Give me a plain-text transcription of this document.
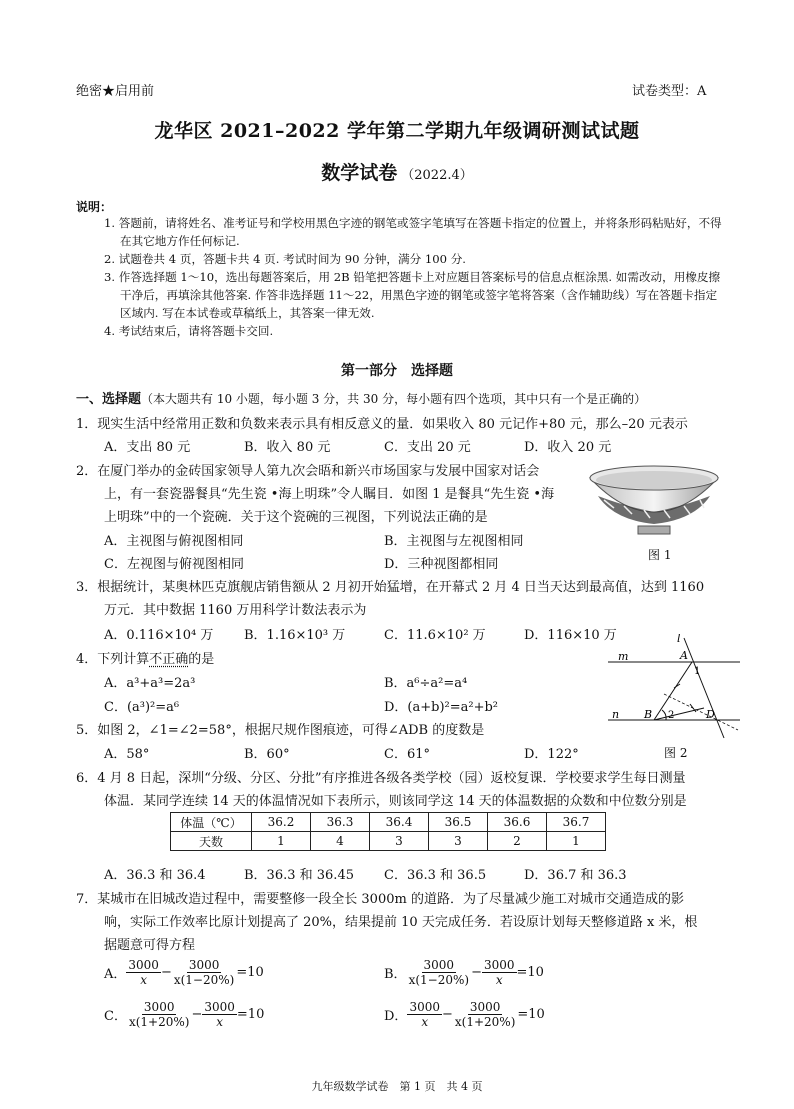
绝密★启用前	试卷类型：A
龙华区 2021–2022 学年第二学期九年级调研测试试题
数学试卷 （2022.4）
说明：
1. 答题前，请将姓名、准考证号和学校用黑色字迹的钢笔或签字笔填写在答题卡指定的位置上，并将条形码粘贴好，不得在其它地方作任何标记.
2. 试题卷共 4 页，答题卡共 4 页. 考试时间为 90 分钟，满分 100 分.
3. 作答选择题 1～10，选出每题答案后，用 2B 铅笔把答题卡上对应题目答案标号的信息点框涂黑. 如需改动，用橡皮擦干净后，再填涂其他答案. 作答非选择题 11～22，用黑色字迹的钢笔或签字笔将答案（含作辅助线）写在答题卡指定区域内. 写在本试卷或草稿纸上，其答案一律无效.
4. 考试结束后，请将答题卡交回.
第一部分　选择题
一、选择题（本大题共有 10 小题，每小题 3 分，共 30 分，每小题有四个选项，其中只有一个是正确的）
1．现实生活中经常用正数和负数来表示具有相反意义的量．如果收入 80 元记作+80 元，那么–20 元表示
A．支出 80 元	B．收入 80 元	C．支出 20 元	D．收入 20 元
2．在厦门举办的金砖国家领导人第九次会晤和新兴市场国家与发展中国家对话会
上，有一套瓷器餐具“先生瓷 •海上明珠”令人瞩目．如图 1 是餐具“先生瓷 •海
上明珠”中的一个瓷碗．关于这个瓷碗的三视图，下列说法正确的是
A．主视图与俯视图相同	B．主视图与左视图相同
C．左视图与俯视图相同	D．三种视图都相同
图 1
3．根据统计，某奥林匹克旗舰店销售额从 2 月初开始猛增，在开幕式 2 月 4 日当天达到最高值，达到 1160
万元．其中数据 1160 万用科学计数法表示为
A．0.116×10⁴ 万 B．1.16×10³ 万	C．11.6×10² 万	D．116×10 万
4．下列计算不正确的是
A．a³+a³=2a³	B．a⁶÷a²=a⁴
C．(a³)²=a⁶	D．(a+b)²=a²+b²
l
m
n
A
B	D
1
2
5．如图 2，∠1=∠2=58°，根据尺规作图痕迹，可得∠ADB 的度数是
A．58°	B．60°	C．61°	D．122°	图 2
6．4 月 8 日起，深圳“分级、分区、分批”有序推进各级各类学校（园）返校复课．学校要求学生每日测量
体温．某同学连续 14 天的体温情况如下表所示，则该同学这 14 天的体温数据的众数和中位数分别是
体温（℃）	36.2	36.3	36.4	36.5	36.6	36.7
天数	1	4	3	3	2	1
A．36.3 和 36.4	B．36.3 和 36.45 C．36.3 和 36.5	D．36.7 和 36.3
7．某城市在旧城改造过程中，需要整修一段全长 3000m 的道路．为了尽量减少施工对城市交通造成的影
响，实际工作效率比原计划提高了 20%，结果提前 10 天完成任务．若设原计划每天整修道路 x 米，根
据题意可得方程
A． $\frac{3000}{x} - \frac{3000}{x(1-20\%)} =10$	B． $\frac{3000}{x(1-20\%)} - \frac{3000}{x} =10$
C． $\frac{3000}{x(1+20\%)} - \frac{3000}{x} =10$	D． $\frac{3000}{x} - \frac{3000}{x(1+20\%)} =10$
九年级数学试卷　第 1 页　共 4 页
